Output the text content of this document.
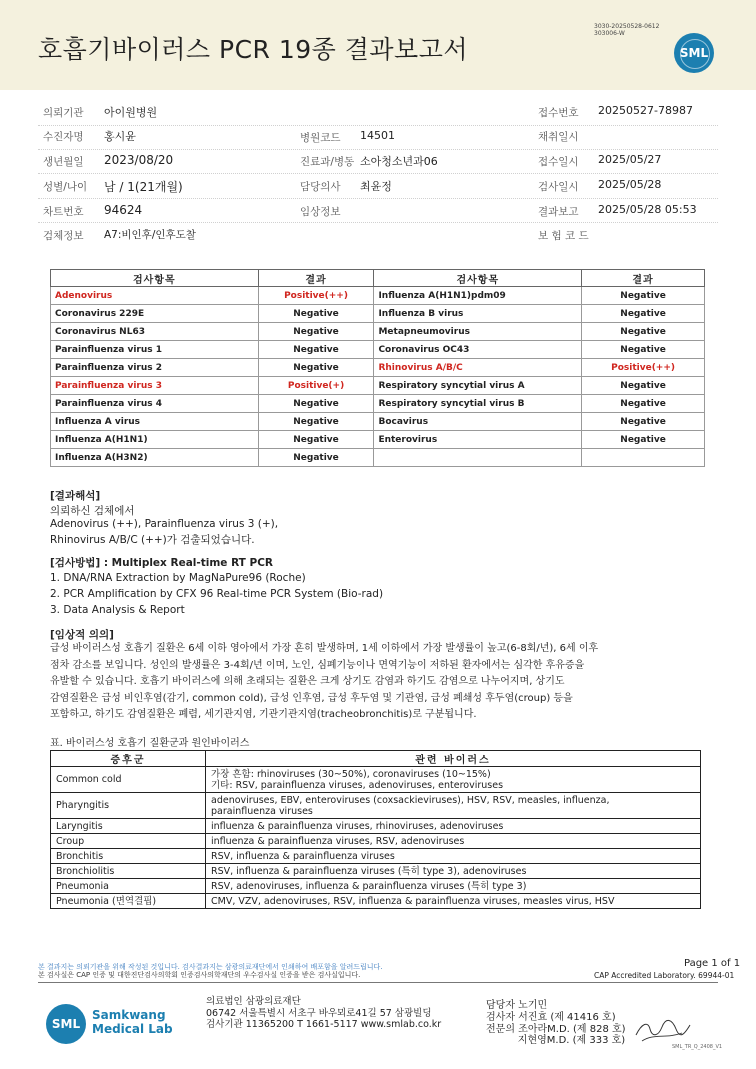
호흡기바이러스 PCR 19종 결과보고서
3030-20250528-0612
303006-W
SML
의뢰기관 아이원병원	접수번호 20250527-78987
수진자명 홍시윤	병원코드 14501	채취일시
생년월일 2023/08/20	진료과/병동 소아청소년과06	접수일시 2025/05/27
성별/나이 남 / 1(21개월)	담당의사 최윤정	검사일시 2025/05/28
차트번호 94624	임상정보	결과보고 2025/05/28 05:53
검체정보 A7:비인후/인후도찰	보 험 코 드
검사항목	결과	검사항목	결과
Adenovirus	Positive(++)	Influenza A(H1N1)pdm09	Negative
Coronavirus 229E	Negative	Influenza B virus	Negative
Coronavirus NL63	Negative	Metapneumovirus	Negative
Parainfluenza virus 1	Negative	Coronavirus OC43	Negative
Parainfluenza virus 2	Negative	Rhinovirus A/B/C	Positive(++)
Parainfluenza virus 3	Positive(+)	Respiratory syncytial virus A	Negative
Parainfluenza virus 4	Negative	Respiratory syncytial virus B	Negative
Influenza A virus	Negative	Bocavirus	Negative
Influenza A(H1N1)	Negative	Enterovirus	Negative
Influenza A(H3N2)	Negative		
[결과해석]
의뢰하신 검체에서
Adenovirus (++), Parainfluenza virus 3 (+),
Rhinovirus A/B/C (++)가 검출되었습니다.
[검사방법] : Multiplex Real-time RT PCR
1. DNA/RNA Extraction by MagNaPure96 (Roche)
2. PCR Amplification by CFX 96 Real-time PCR System (Bio-rad)
3. Data Analysis & Report
[임상적 의의]
급성 바이러스성 호흡기 질환은 6세 이하 영아에서 가장 흔히 발생하며, 1세 이하에서 가장 발생률이 높고(6-8회/년), 6세 이후
점차 감소를 보입니다. 성인의 발생률은 3-4회/년 이며, 노인, 심폐기능이나 면역기능이 저하된 환자에서는 심각한 후유증을
유발할 수 있습니다. 호흡기 바이러스에 의해 초래되는 질환은 크게 상기도 감염과 하기도 감염으로 나누어지며, 상기도
감염질환은 급성 비인후염(감기, common cold), 급성 인후염, 급성 후두염 및 기관염, 급성 폐쇄성 후두염(croup) 등을
포함하고, 하기도 감염질환은 폐렴, 세기관지염, 기관기관지염(tracheobronchitis)로 구분됩니다.
표. 바이러스성 호흡기 질환군과 원인바이러스
증후군	관련 바이러스
Common cold	가장 흔함: rhinoviruses (30~50%), coronaviruses (10~15%)
기타: RSV, parainfluenza viruses, adenoviruses, enteroviruses

Pharyngitis	adenoviruses, EBV, enteroviruses (coxsackieviruses), HSV, RSV, measles, influenza,
parainfluenza viruses

Laryngitis	influenza & parainfluenza viruses, rhinoviruses, adenoviruses

Croup	influenza & parainfluenza viruses, RSV, adenoviruses

Bronchitis	RSV, influenza & parainfluenza viruses

Bronchiolitis	RSV, influenza & parainfluenza viruses (특히 type 3), adenoviruses

Pneumonia	RSV, adenoviruses, influenza & parainfluenza viruses (특히 type 3)

Pneumonia (면역결핍)	CMV, VZV, adenoviruses, RSV, influenza & parainfluenza viruses, measles virus, HSV
본 결과지는 의뢰기관을 위해 작성된 것입니다. 검사결과지는 삼광의료재단에서 인쇄하여 배포함을 알려드립니다.
본 검사실은 CAP 인증 및 대한진단검사의학회 인증검사의학재단의 우수검사실 인증을 받은 검사실입니다.
Page 1 of 1
CAP Accredited Laboratory. 69944-01
SML
Samkwang
Medical Lab
의료법인 삼광의료재단
06742 서울특별시 서초구 바우뫼로41길 57 삼광빌딩
검사기관 11365200 T 1661-5117 www.smlab.co.kr
담당자 노기민
검사자 서진효 (제 41416 호)
전문의 조아라M.D. (제 828 호)
지현영M.D. (제 333 호)
SML_TR_Q_2408_V1
